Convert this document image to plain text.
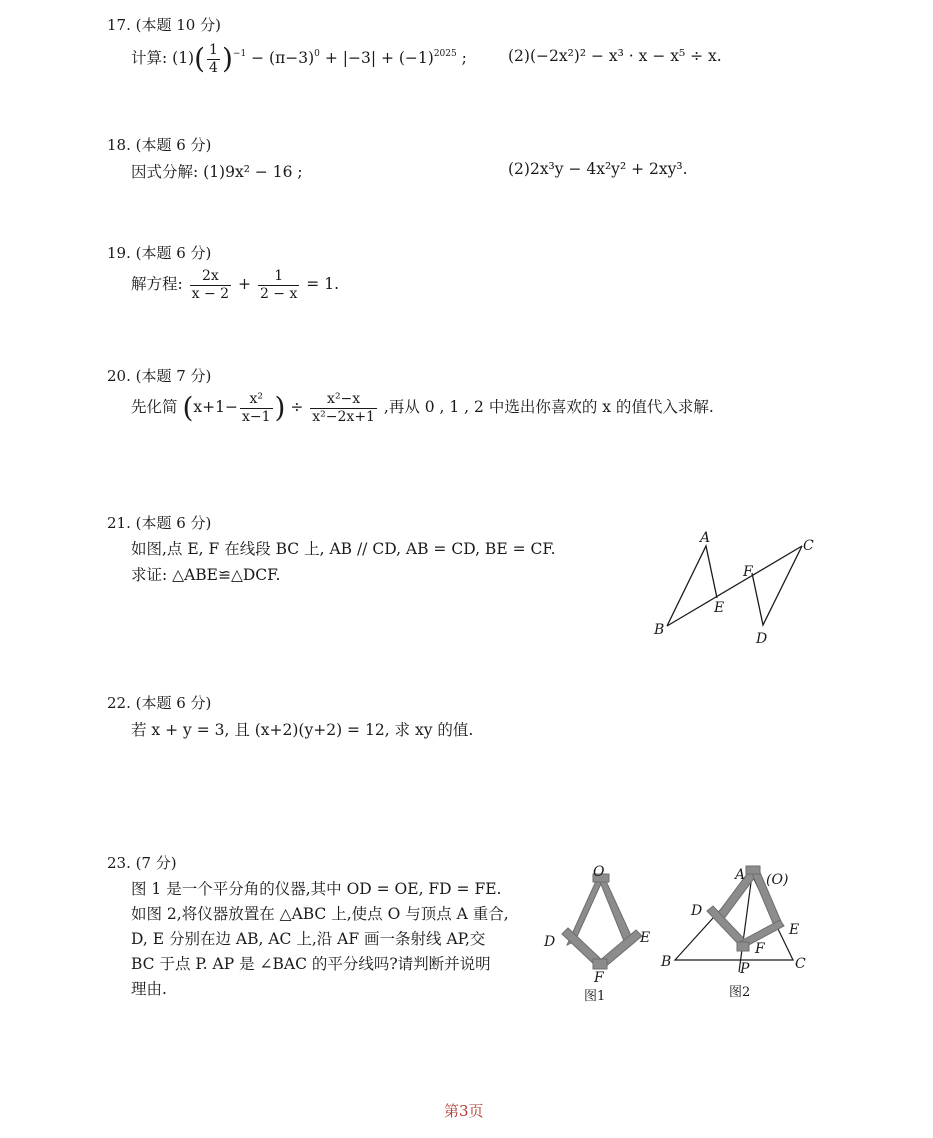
17. (本题 10 分)
计算: $(1)( \frac{1}{4} )^{-1} - (\pi-3)^0 + |-3| + (-1)^{2025}$ ;	(2)(−2x²)² − x³ · x − x⁵ ÷ x.
18. (本题 6 分)
因式分解: (1)9x² − 16 ;	(2)2x³y − 4x²y² + 2xy³.
19. (本题 6 分)
解方程: $\frac{2x}{x - 2} + \frac{1}{2 - x} = 1$.
20. (本题 7 分)
先化简 ($x+1- \frac{\text{x²}}{x-1}$ ) ÷ $\frac{\text{x²−x}}{\text{x²−2x+1}}$ ,再从 0 , 1 , 2 中选出你喜欢的 x 的值代入求解.
21. (本题 6 分)
如图,点 E, F 在线段 BC 上, AB // CD, AB = CD, BE = CF.
求证: △ABE≌△DCF.
A
B
C
D
E
F
22. (本题 6 分)
若 x + y = 3, 且 (x+2)(y+2) = 12, 求 xy 的值.
23. (7 分)
图 1 是一个平分角的仪器,其中 OD = OE, FD = FE.
如图 2,将仪器放置在 △ABC 上,使点 O 与顶点 A 重合,
D, E 分别在边 AB, AC 上,沿 AF 画一条射线 AP,交
BC 于点 P. AP 是 ∠BAC 的平分线吗?请判断并说明
理由.
O
D	E
F
图1
A (O)
D
E
F
B	P	C
图2
第3页
